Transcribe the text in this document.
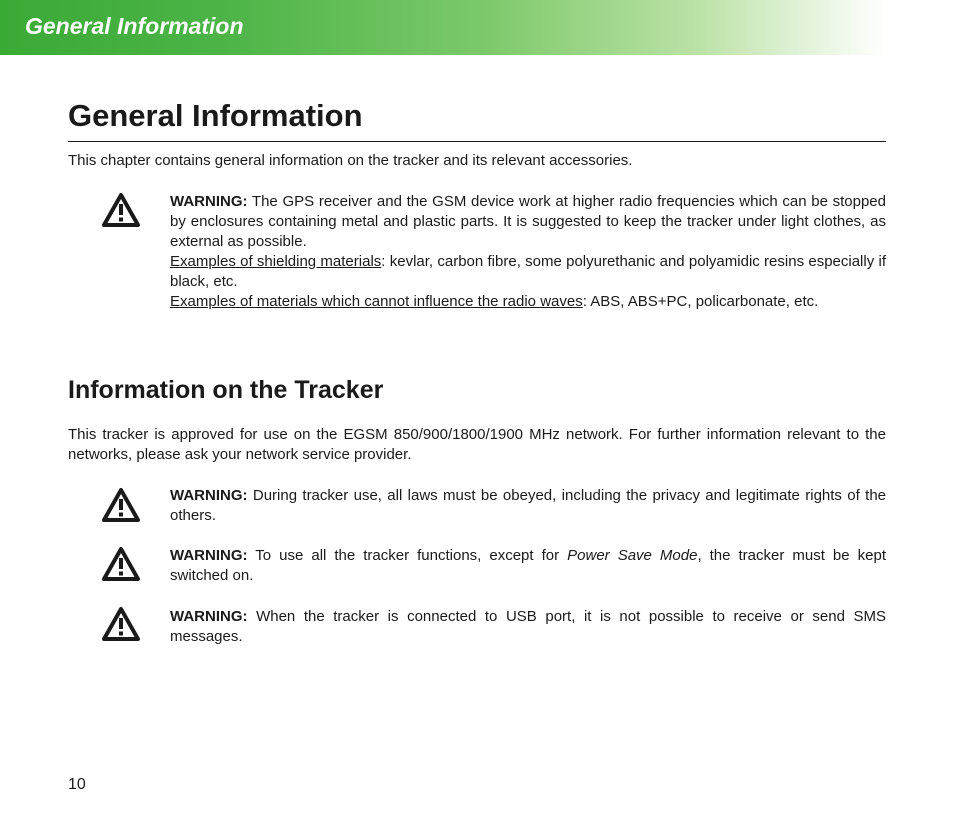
General Information
General Information
This chapter contains general information on the tracker and its relevant accessories.
WARNING: The GPS receiver and the GSM device work at higher radio frequencies which can be stopped by enclosures containing metal and plastic parts. It is suggested to keep the tracker under light clothes, as external as possible.
Examples of shielding materials: kevlar, carbon fibre, some polyurethanic and polyamidic resins especially if black, etc.
Examples of materials which cannot influence the radio waves: ABS, ABS+PC, policarbonate, etc.
Information on the Tracker
This tracker is approved for use on the EGSM 850/900/1800/1900 MHz network. For further information relevant to the networks, please ask your network service provider.
WARNING: During tracker use, all laws must be obeyed, including the privacy and legitimate rights of the others.
WARNING: To use all the tracker functions, except for Power Save Mode, the tracker must be kept switched on.
WARNING: When the tracker is connected to USB port, it is not possible to receive or send SMS messages.
10
